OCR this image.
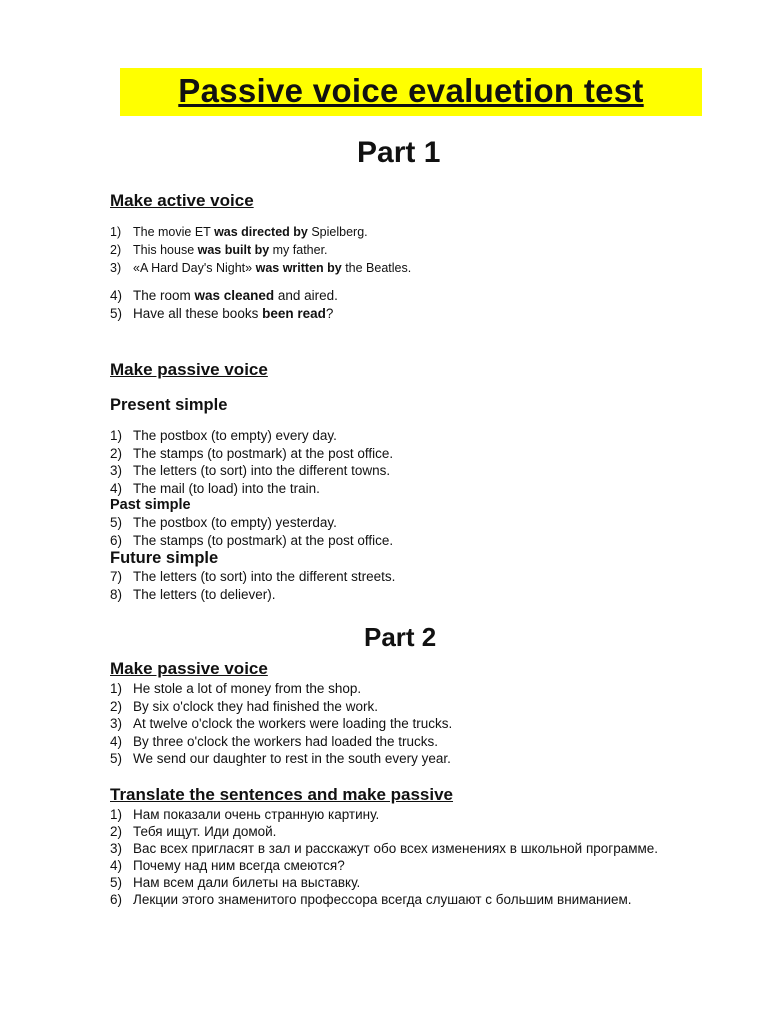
Passive voice evaluetion test
Part 1
Make active voice
1) The movie ET was directed by Spielberg.
2) This house was built by my father.
3) «A Hard Day's Night» was written by the Beatles.
4) The room was cleaned and aired.
5) Have all these books been read?
Make passive voice
Present simple
1) The postbox (to empty) every day.
2) The stamps (to postmark) at the post office.
3) The letters (to sort) into the different towns.
4) The mail (to load) into the train.
Past simple
5) The postbox (to empty) yesterday.
6) The stamps (to postmark) at the post office.
Future simple
7) The letters (to sort) into the different streets.
8) The letters (to deliever).
Part 2
Make passive voice
1) He stole a lot of money from the shop.
2) By six o'clock they had finished the work.
3) At twelve o'clock the workers were loading the trucks.
4) By three o'clock the workers had loaded the trucks.
5) We send our daughter to rest in the south every year.
Translate the sentences and make passive
1) Нам показали очень странную картину.
2) Тебя ищут. Иди домой.
3) Вас всех пригласят в зал и расскажут обо всех изменениях в школьной программе.
4) Почему над ним всегда смеются?
5) Нам всем дали билеты на выставку.
6) Лекции этого знаменитого профессора всегда слушают с большим вниманием.
